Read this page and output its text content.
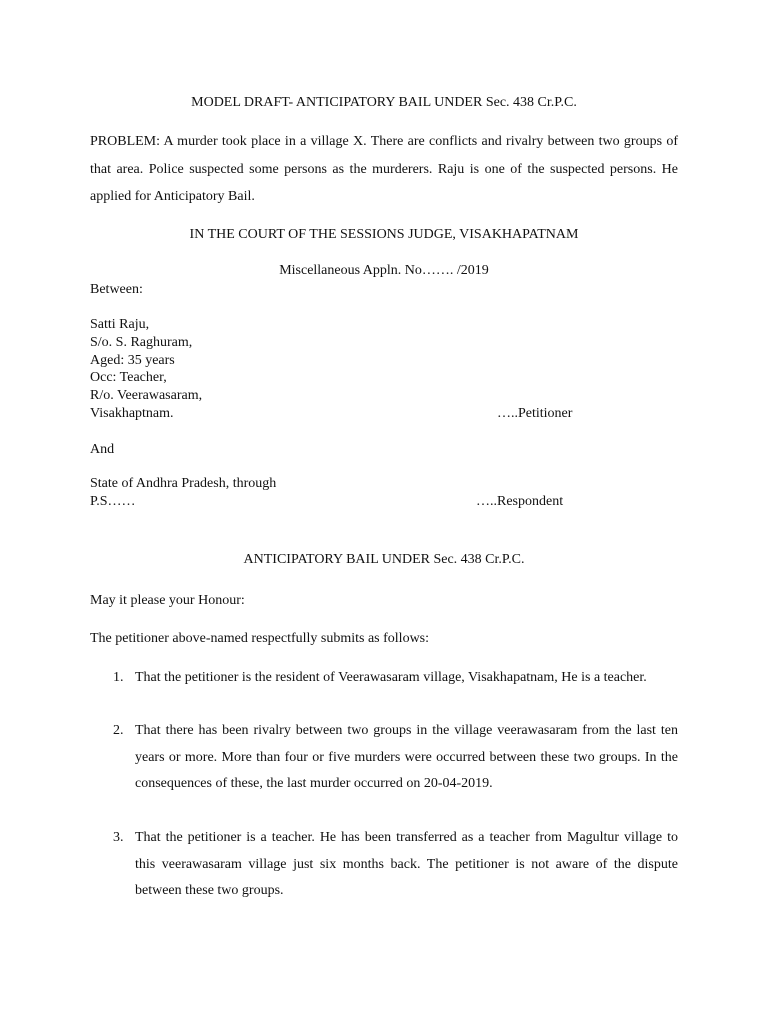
MODEL DRAFT- ANTICIPATORY BAIL UNDER Sec. 438 Cr.P.C.
PROBLEM: A murder took place in a village X. There are conflicts and rivalry between two groups of that area. Police suspected some persons as the murderers. Raju is one of the suspected persons. He applied for Anticipatory Bail.
IN THE COURT OF THE SESSIONS JUDGE, VISAKHAPATNAM
Miscellaneous Appln. No……. /2019
Between:
Satti Raju,
S/o. S. Raghuram,
Aged: 35 years
Occ: Teacher,
R/o. Veerawasaram,
Visakhaptnam.	…..Petitioner
And
State of Andhra Pradesh, through
P.S……	…..Respondent
ANTICIPATORY BAIL UNDER Sec. 438 Cr.P.C.
May it please your Honour:
The petitioner above-named respectfully submits as follows:
1. That the petitioner is the resident of Veerawasaram village, Visakhapatnam, He is a teacher.
2. That there has been rivalry between two groups in the village veerawasaram from the last ten years or more. More than four or five murders were occurred between these two groups. In the consequences of these, the last murder occurred on 20-04-2019.
3. That the petitioner is a teacher. He has been transferred as a teacher from Magultur village to this veerawasaram village just six months back. The petitioner is not aware of the dispute between these two groups.
